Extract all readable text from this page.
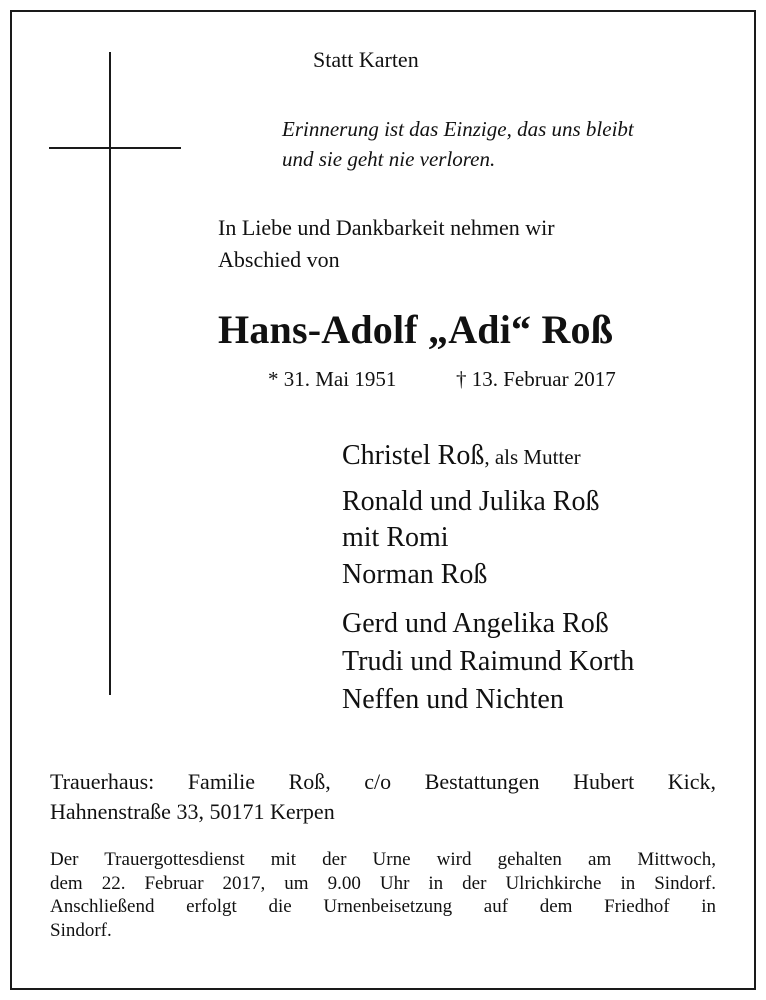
Statt Karten
Erinnerung ist das Einzige, das uns bleibt
und sie geht nie verloren.
In Liebe und Dankbarkeit nehmen wir
Abschied von
Hans-Adolf „Adi“ Roß
* 31. Mai 1951	† 13. Februar 2017
Christel Roß, als Mutter
Ronald und Julika Roß
mit Romi
Norman Roß
Gerd und Angelika Roß
Trudi und Raimund Korth
Neffen und Nichten
Trauerhaus: Familie Roß, c/o Bestattungen Hubert Kick,
Hahnenstraße 33, 50171 Kerpen
Der Trauergottesdienst mit der Urne wird gehalten am Mittwoch,
dem 22. Februar 2017, um 9.00 Uhr in der Ulrichkirche in Sindorf.
Anschließend erfolgt die Urnenbeisetzung auf dem Friedhof in
Sindorf.
